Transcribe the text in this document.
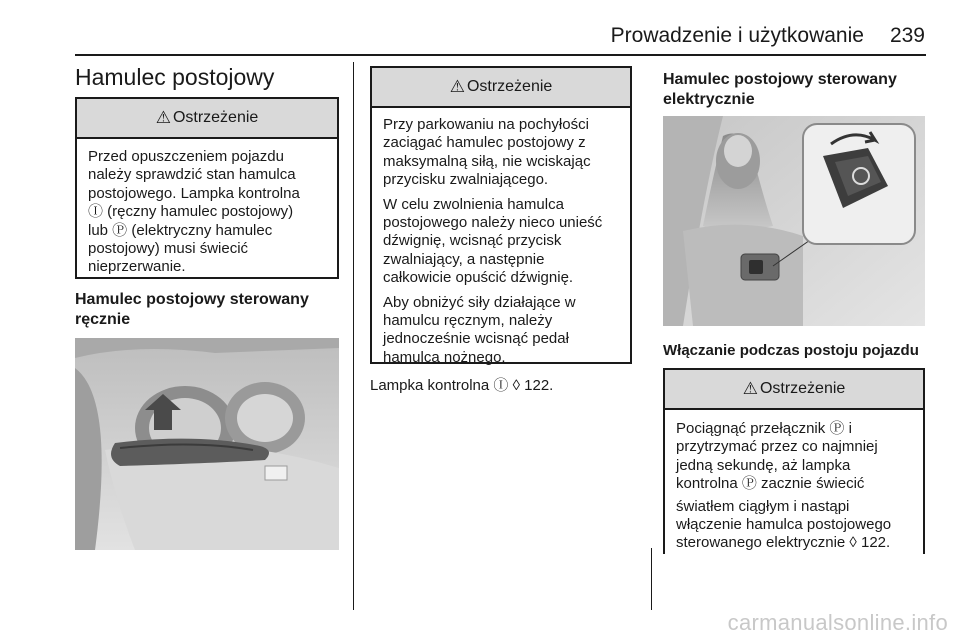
Prowadzenie i użytkowanie 239
Hamulec postojowy
⚠ Ostrzeżenie
Przed opuszczeniem pojazdu
należy sprawdzić stan hamulca
postojowego. Lampka kontrolna
Ⓘ (ręczny hamulec postojowy)
lub Ⓟ (elektryczny hamulec
postojowy) musi świecić
nieprzerwanie.
Hamulec postojowy sterowany
ręcznie
⚠ Ostrzeżenie

Przy parkowaniu na pochyłości
zaciągać hamulec postojowy z
maksymalną siłą, nie wciskając
przycisku zwalniającego.

W celu zwolnienia hamulca
postojowego należy nieco unieść
dźwignię, wcisnąć przycisk
zwalniający, a następnie
całkowicie opuścić dźwignię.

Aby obniżyć siły działające w
hamulcu ręcznym, należy
jednocześnie wcisnąć pedał
hamulca nożnego.

Lampka kontrolna Ⓘ ◊ 122.
Hamulec postojowy sterowany
elektrycznie
Włączanie podczas postoju pojazdu
⚠ Ostrzeżenie

Pociągnąć przełącznik Ⓟ i
przytrzymać przez co najmniej
jedną sekundę, aż lampka
kontrolna Ⓟ zacznie świecić

światłem ciągłym i nastąpi
włączenie hamulca postojowego
sterowanego elektrycznie ◊ 122.

carmanualsonline.info
